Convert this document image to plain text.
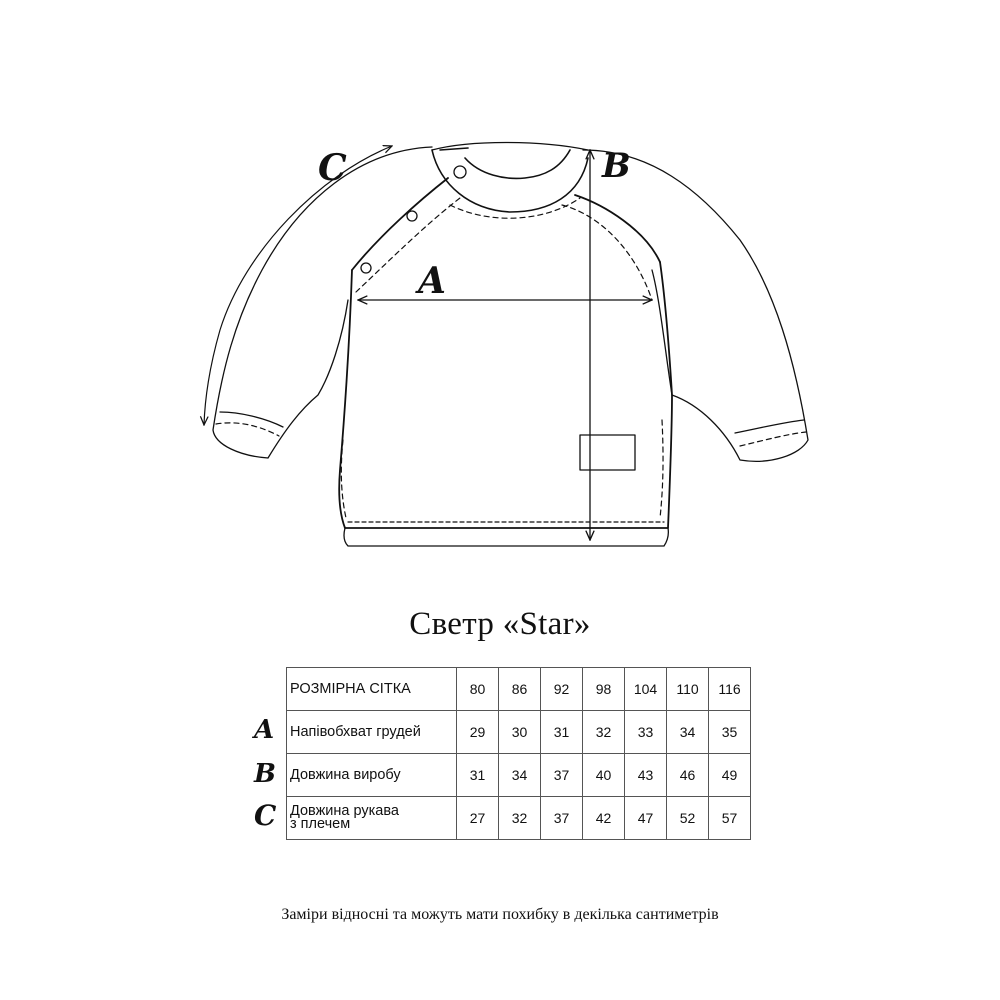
A
B
C
Светр «Star»
A
B
C
РОЗМІРНА СІТКА	80	86	92	98	104	110	116
Напівобхват грудей	29	30	31	32	33	34	35
Довжина виробу	31	34	37	40	43	46	49

Довжина рукава
з плечем	27	32	37	42	47	52	57
Заміри відносні та можуть мати похибку в декілька сантиметрів
